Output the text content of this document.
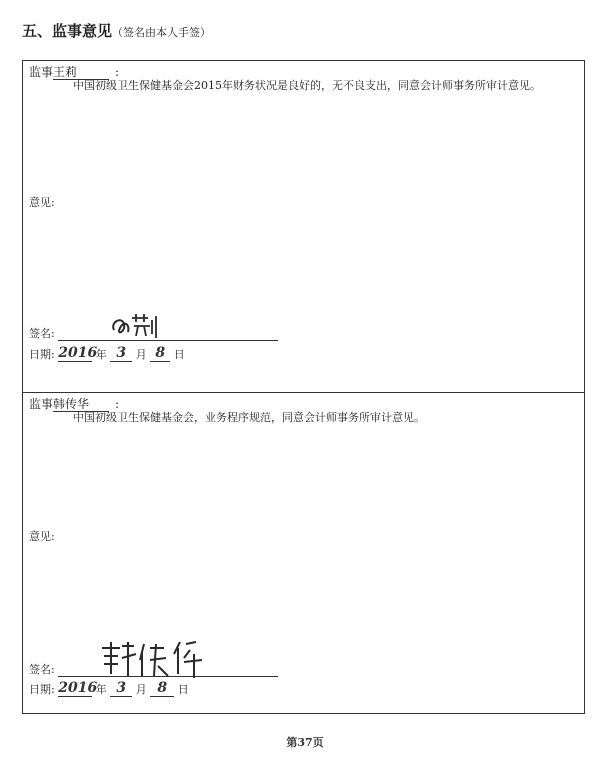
五、监事意见（签名由本人手签）
监事王莉	:
中国初级卫生保健基金会2015年财务状况是良好的，无不良支出，同意会计师事务所审计意见。
意见:
签名:
日期: 2016
年 3 月 8 日
监事韩传华 :
中国初级卫生保健基金会，业务程序规范，同意会计师事务所审计意见。
意见:
签名:
日期: 2016
年 3 月 8 日
第37页
